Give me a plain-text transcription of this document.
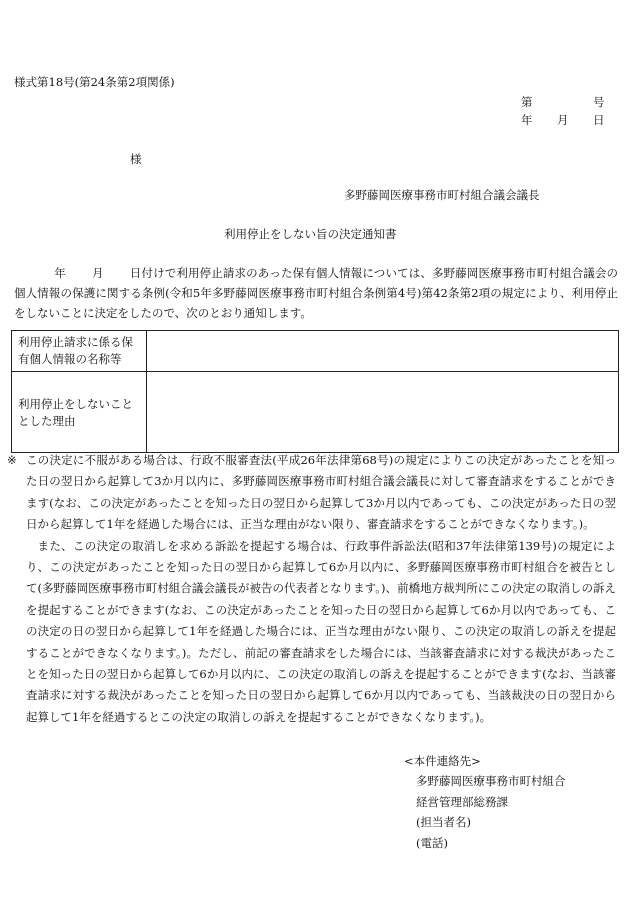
様式第18号(第24条第2項関係)
第	号
年 月 日
様
多野藤岡医療事務市町村組合議会議長
利用停止をしない旨の決定通知書
年 月 日付けで利用停止請求のあった保有個人情報については、多野藤岡医療事務市町村組合議会の個人情報の保護に関する条例(令和5年多野藤岡医療事務市町村組合条例第4号)第42条第2項の規定により、利用停止をしないことに決定をしたので、次のとおり通知します。
利用停止請求に係る保有個人情報の名称等	
利用停止をしないこととした理由	
※ この決定に不服がある場合は、行政不服審査法(平成26年法律第68号)の規定によりこの決定があったことを知った日の翌日から起算して3か月以内に、多野藤岡医療事務市町村組合議会議長に対して審査請求をすることができます(なお、この決定があったことを知った日の翌日から起算して3か月以内であっても、この決定があった日の翌日から起算して1年を経過した場合には、正当な理由がない限り、審査請求をすることができなくなります。)。

また、この決定の取消しを求める訴訟を提起する場合は、行政事件訴訟法(昭和37年法律第139号)の規定により、この決定があったことを知った日の翌日から起算して6か月以内に、多野藤岡医療事務市町村組合を被告として(多野藤岡医療事務市町村組合議会議長が被告の代表者となります。)、前橋地方裁判所にこの決定の取消しの訴えを提起することができます(なお、この決定があったことを知った日の翌日から起算して6か月以内であっても、この決定の日の翌日から起算して1年を経過した場合には、正当な理由がない限り、この決定の取消しの訴えを提起することができなくなります。)。ただし、前記の審査請求をした場合には、当該審査請求に対する裁決があったことを知った日の翌日から起算して6か月以内に、この決定の取消しの訴えを提起することができます(なお、当該審査請求に対する裁決があったことを知った日の翌日から起算して6か月以内であっても、当該裁決の日の翌日から起算して1年を経過するとこの決定の取消しの訴えを提起することができなくなります。)。

<本件連絡先>
多野藤岡医療事務市町村組合
経営管理部総務課
(担当者名)
(電話)
